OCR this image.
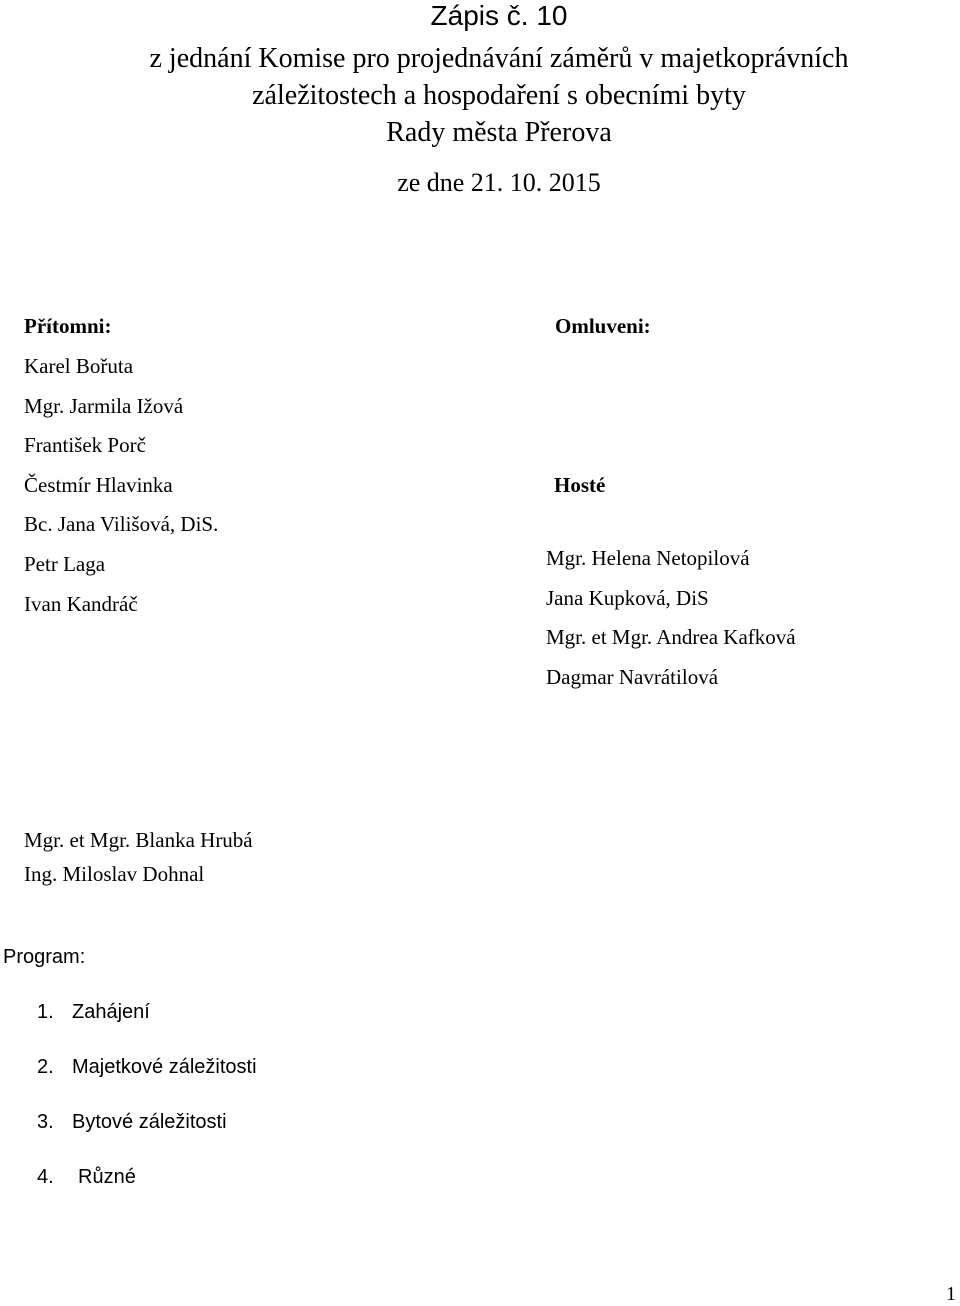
Zápis č. 10
z jednání Komise pro projednávání záměrů v majetkoprávních
záležitostech a hospodaření s obecními byty
Rady města Přerova
ze dne 21. 10. 2015
Přítomni:
Karel Bořuta
Mgr. Jarmila Ižová
František Porč
Čestmír Hlavinka
Bc. Jana Vilišová, DiS.
Petr Laga
Ivan Kandráč
Omluveni:
Hosté
Mgr. Helena Netopilová
Jana Kupková, DiS
Mgr. et Mgr. Andrea Kafková
Dagmar Navrátilová
Mgr. et Mgr. Blanka Hrubá
Ing. Miloslav Dohnal
Program:
1. Zahájení
2. Majetkové záležitosti
3. Bytové záležitosti
4. Různé
1
